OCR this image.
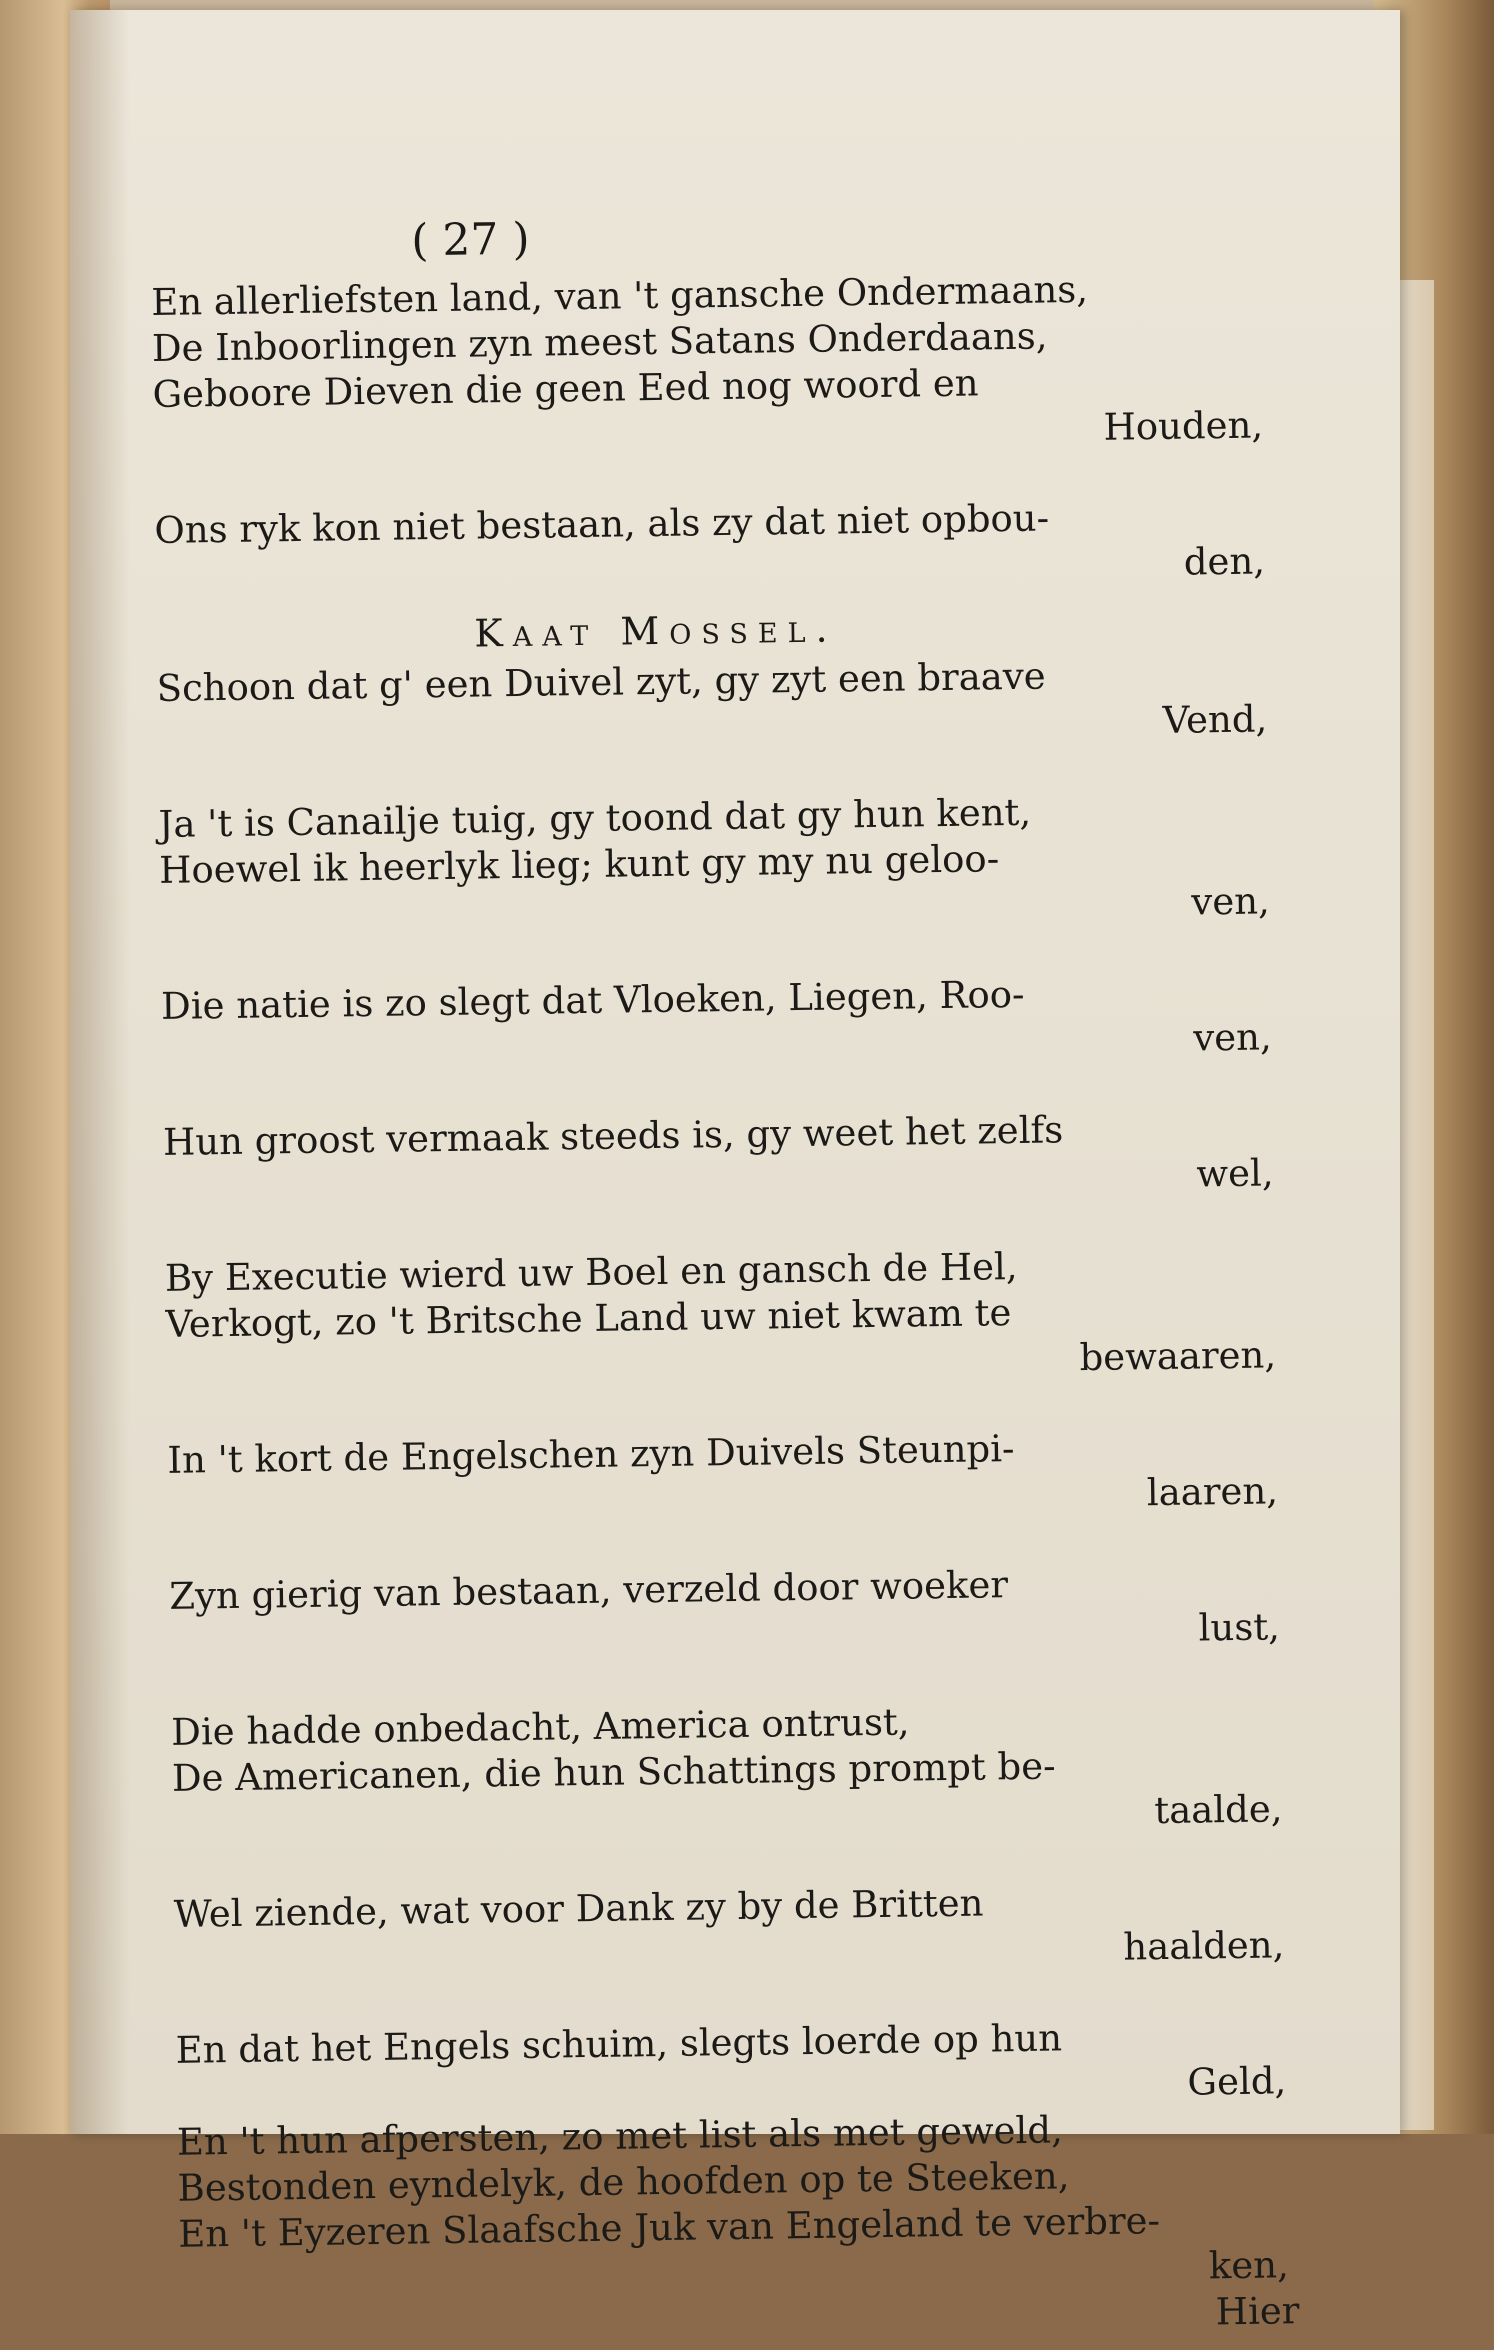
( 27 )
En allerliefsten land, van 't gansche Ondermaans,
De Inboorlingen zyn meest Satans Onderdaans,
Geboore Dieven die geen Eed nog woord en
Houden,
Ons ryk kon niet bestaan, als zy dat niet opbou-
den,
Kaat Mossel.
Schoon dat g' een Duivel zyt, gy zyt een braave
Vend,
Ja 't is Canailje tuig, gy toond dat gy hun kent,
Hoewel ik heerlyk lieg; kunt gy my nu geloo-
ven,
Die natie is zo slegt dat Vloeken, Liegen, Roo-
ven,
Hun groost vermaak steeds is, gy weet het zelfs
wel,
By Executie wierd uw Boel en gansch de Hel,
Verkogt, zo 't Britsche Land uw niet kwam te
bewaaren,
In 't kort de Engelschen zyn Duivels Steunpi-
laaren,
Zyn gierig van bestaan, verzeld door woeker
lust,
Die hadde onbedacht, America ontrust,
De Americanen, die hun Schattings prompt be-
taalde,
Wel ziende, wat voor Dank zy by de Britten
haalden,
En dat het Engels schuim, slegts loerde op hun
Geld,
En 't hun afpersten, zo met list als met geweld,
Bestonden eyndelyk, de hoofden op te Steeken,
En 't Eyzeren Slaafsche Juk van Engeland te verbre-
ken,
Hier
